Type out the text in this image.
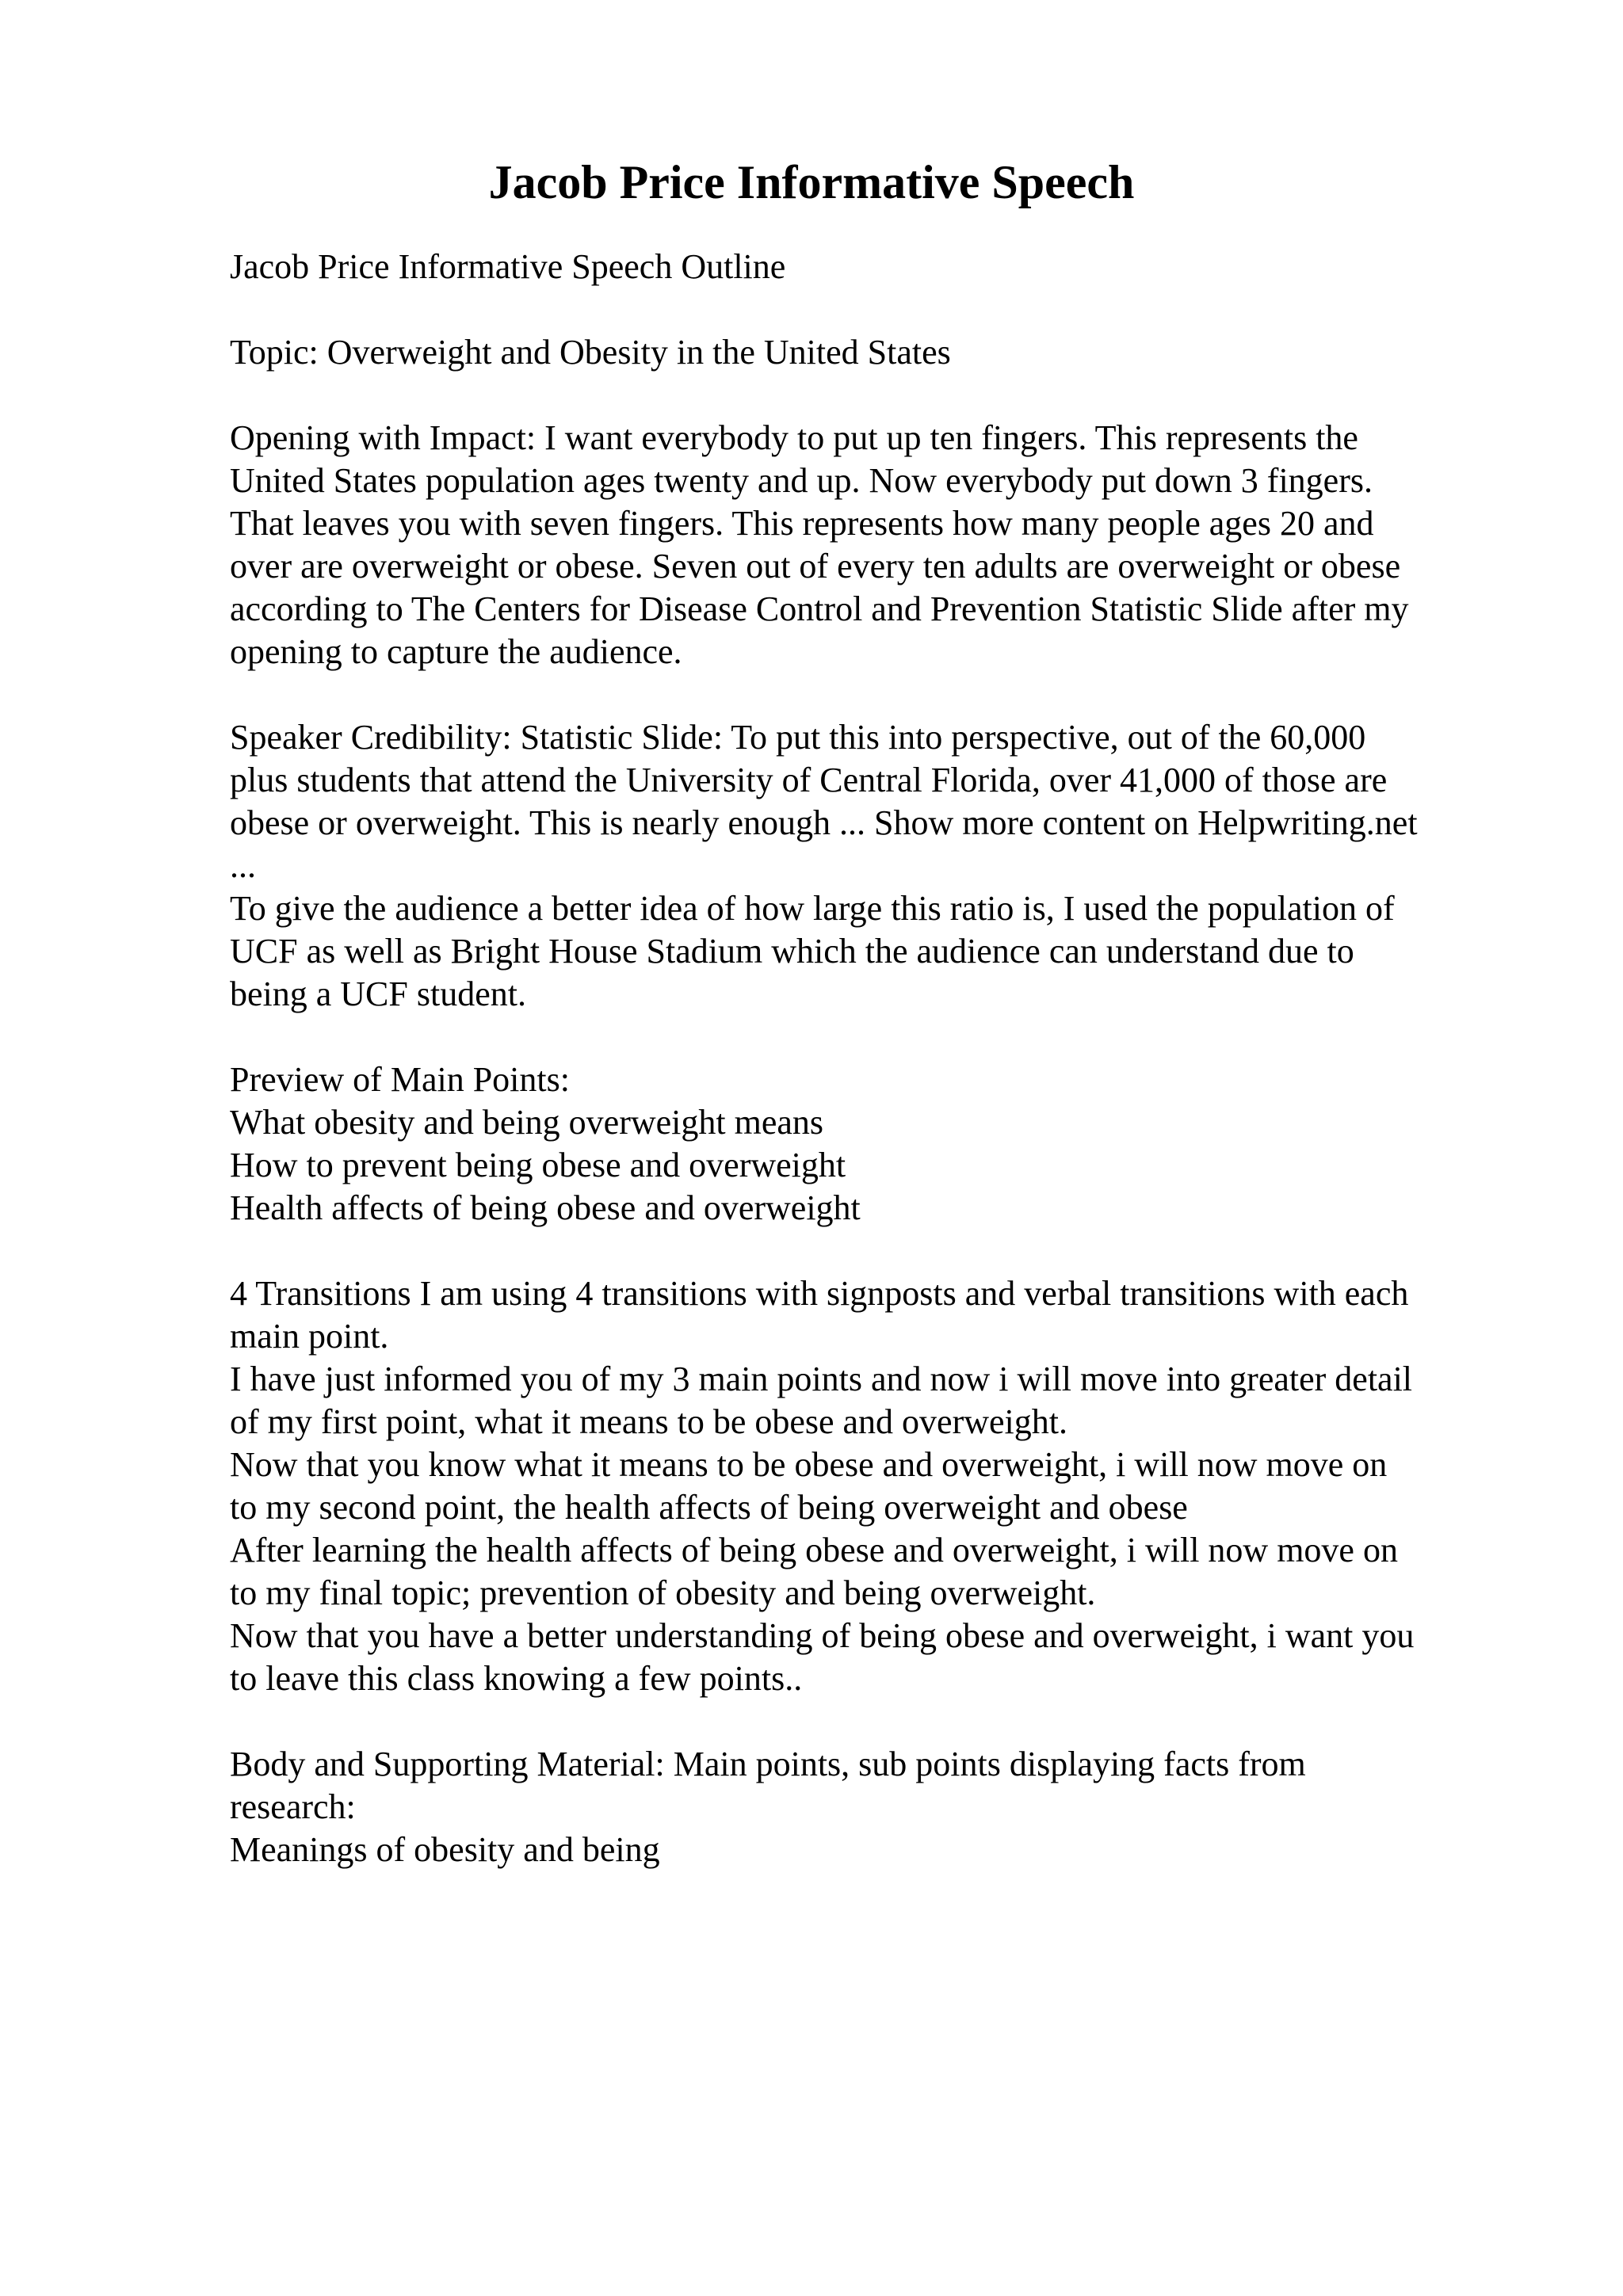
Jacob Price Informative Speech
Jacob Price Informative Speech Outline
Topic: Overweight and Obesity in the United States
Opening with Impact: I want everybody to put up ten fingers. This represents the
United States population ages twenty and up. Now everybody put down 3 fingers.
That leaves you with seven fingers. This represents how many people ages 20 and
over are overweight or obese. Seven out of every ten adults are overweight or obese
according to The Centers for Disease Control and Prevention Statistic Slide after my
opening to capture the audience.
Speaker Credibility: Statistic Slide: To put this into perspective, out of the 60,000
plus students that attend the University of Central Florida, over 41,000 of those are
obese or overweight. This is nearly enough ... Show more content on Helpwriting.net
...
To give the audience a better idea of how large this ratio is, I used the population of
UCF as well as Bright House Stadium which the audience can understand due to
being a UCF student.
Preview of Main Points:
What obesity and being overweight means
How to prevent being obese and overweight
Health affects of being obese and overweight
4 Transitions I am using 4 transitions with signposts and verbal transitions with each
main point.
I have just informed you of my 3 main points and now i will move into greater detail
of my first point, what it means to be obese and overweight.
Now that you know what it means to be obese and overweight, i will now move on
to my second point, the health affects of being overweight and obese
After learning the health affects of being obese and overweight, i will now move on
to my final topic; prevention of obesity and being overweight.
Now that you have a better understanding of being obese and overweight, i want you
to leave this class knowing a few points..
Body and Supporting Material: Main points, sub points displaying facts from
research:
Meanings of obesity and being
